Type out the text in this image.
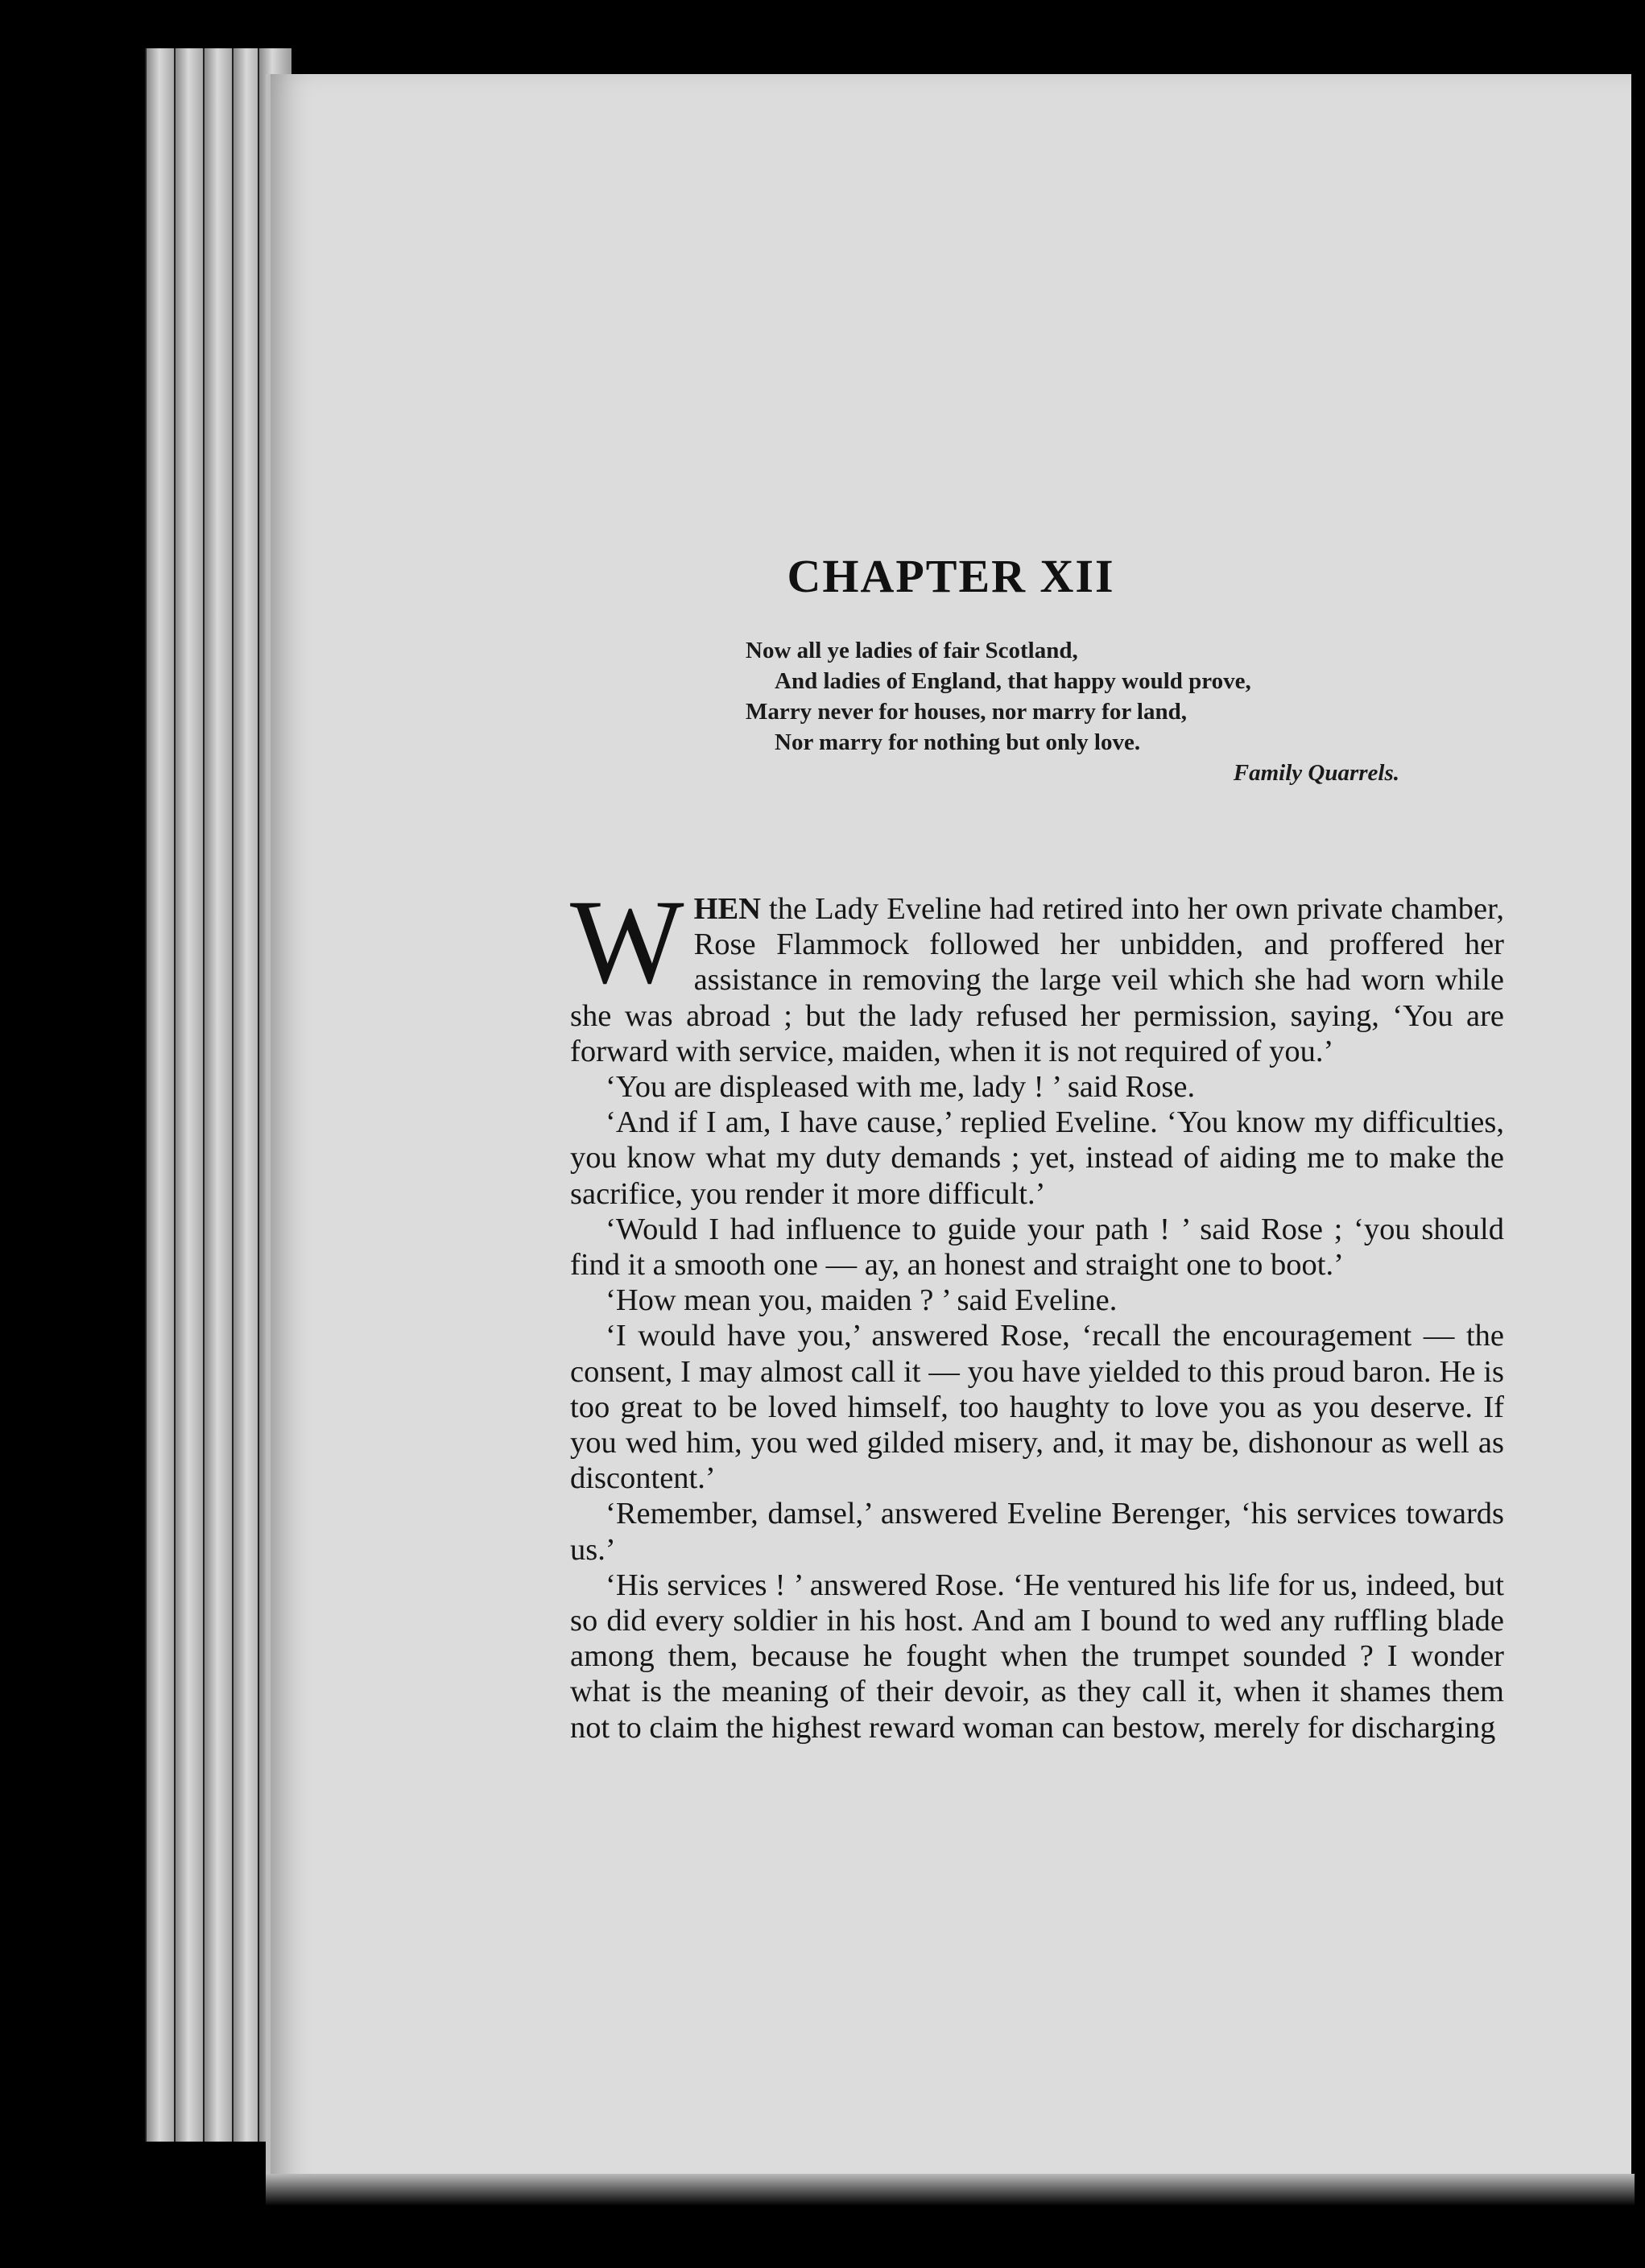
CHAPTER XII
Now all ye ladies of fair Scotland,
And ladies of England, that happy would prove,
Marry never for houses, nor marry for land,
Nor marry for nothing but only love.
Family Quarrels.

WHEN the Lady Eveline had retired into her own private chamber, Rose Flammock followed her unbidden, and proffered her assistance in removing the large veil which she had worn while she was abroad ; but the lady refused her permission, saying, ‘You are forward with service, maiden, when it is not required of you.’

‘You are displeased with me, lady ! ’ said Rose.

‘And if I am, I have cause,’ replied Eveline. ‘You know my difficulties, you know what my duty demands ; yet, instead of aiding me to make the sacrifice, you render it more difficult.’

‘Would I had influence to guide your path ! ’ said Rose ; ‘you should find it a smooth one — ay, an honest and straight one to boot.’

‘How mean you, maiden ? ’ said Eveline.

‘I would have you,’ answered Rose, ‘recall the encouragement — the consent, I may almost call it — you have yielded to this proud baron. He is too great to be loved himself, too haughty to love you as you deserve. If you wed him, you wed gilded misery, and, it may be, dishonour as well as discontent.’

‘Remember, damsel,’ answered Eveline Berenger, ‘his services towards us.’

‘His services ! ’ answered Rose. ‘He ventured his life for us, indeed, but so did every soldier in his host. And am I bound to wed any ruffling blade among them, because he fought when the trumpet sounded ? I wonder what is the meaning of their devoir, as they call it, when it shames them not to claim the highest reward woman can bestow, merely for discharging
